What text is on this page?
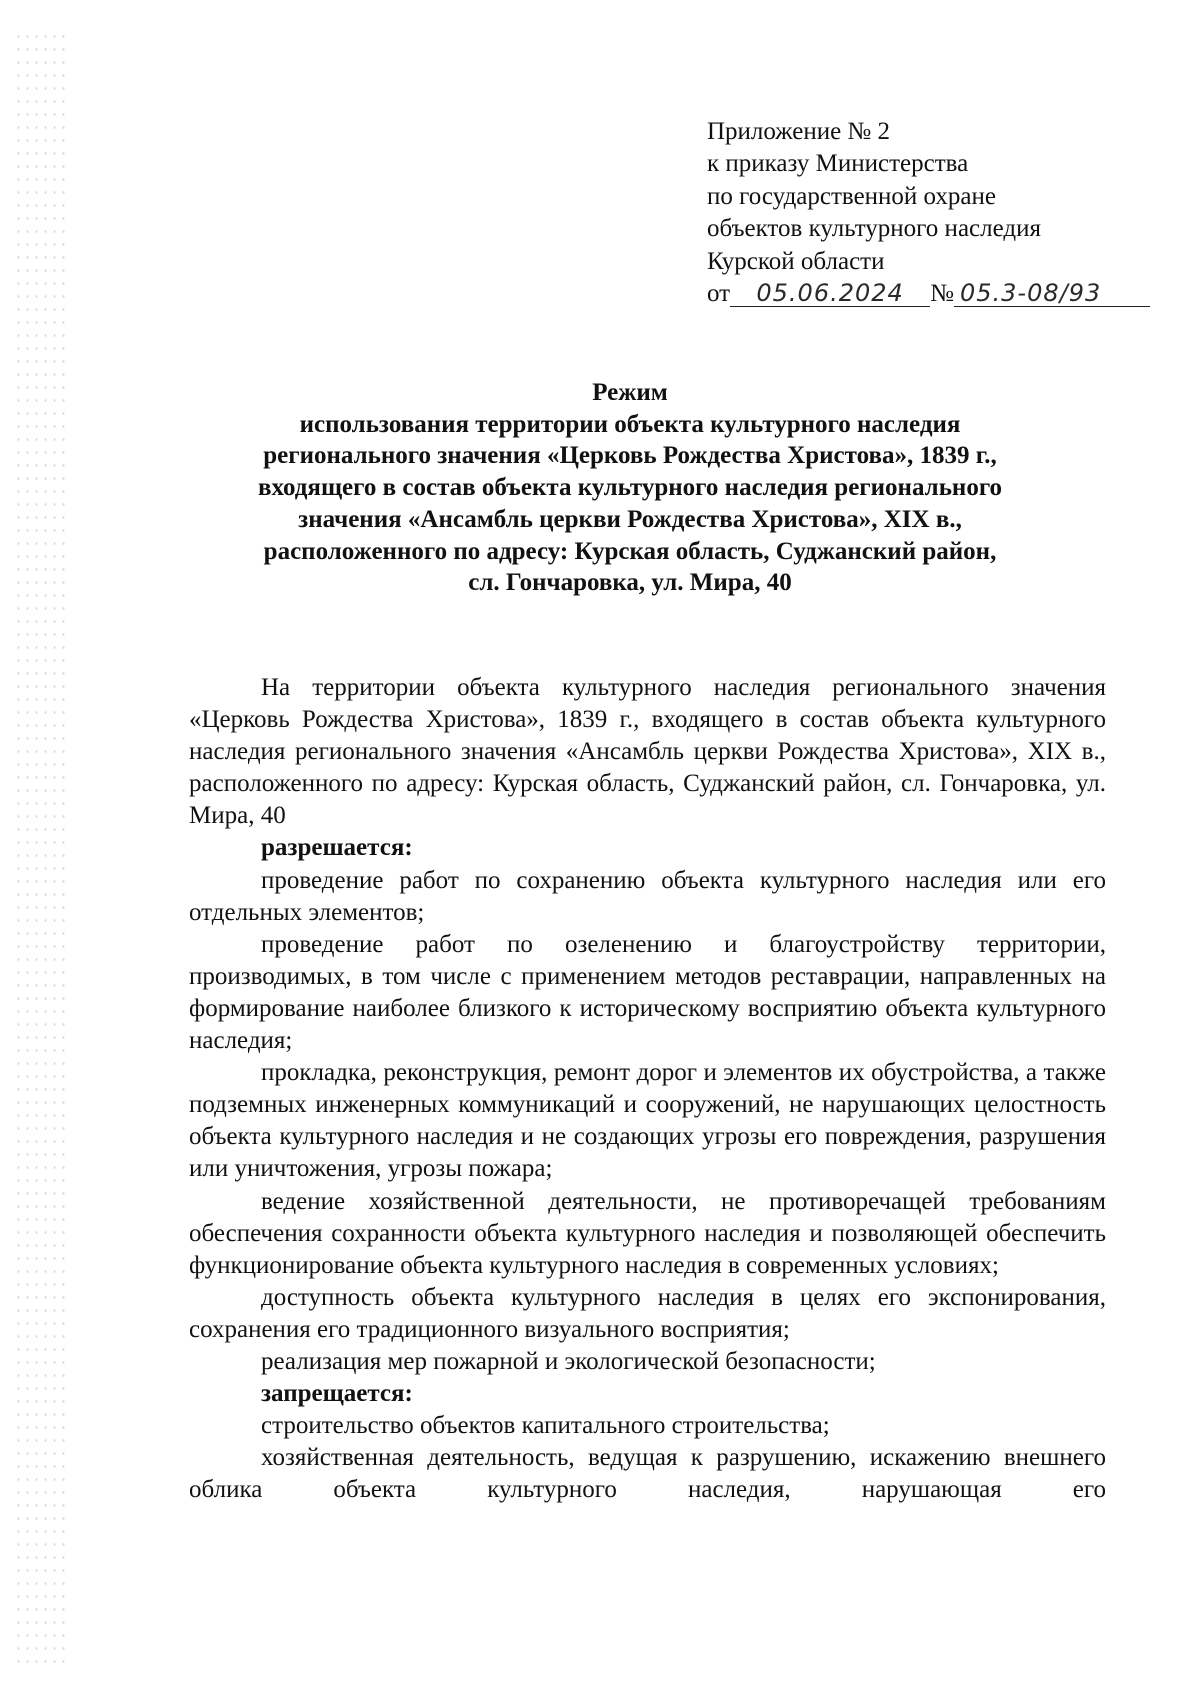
Приложение № 2
к приказу Министерства
по государственной охране
объектов культурного наследия
Курской области
от 05.06.2024 № 05.3-08/93
Режим
использования территории объекта культурного наследия
регионального значения «Церковь Рождества Христова», 1839 г.,
входящего в состав объекта культурного наследия регионального
значения «Ансамбль церкви Рождества Христова», XIX в.,
расположенного по адресу: Курская область, Суджанский район,
сл. Гончаровка, ул. Мира, 40

На территории объекта культурного наследия регионального значения «Церковь Рождества Христова», 1839 г., входящего в состав объекта культурного наследия регионального значения «Ансамбль церкви Рождества Христова», XIX в., расположенного по адресу: Курская область, Суджанский район, сл. Гончаровка, ул. Мира, 40

разрешается:

проведение работ по сохранению объекта культурного наследия или его отдельных элементов;

проведение работ по озеленению и благоустройству территории, производимых, в том числе с применением методов реставрации, направленных на формирование наиболее близкого к историческому восприятию объекта культурного наследия;

прокладка, реконструкция, ремонт дорог и элементов их обустройства, а также подземных инженерных коммуникаций и сооружений, не нарушающих целостность объекта культурного наследия и не создающих угрозы его повреждения, разрушения или уничтожения, угрозы пожара;

ведение хозяйственной деятельности, не противоречащей требованиям обеспечения сохранности объекта культурного наследия и позволяющей обеспечить функционирование объекта культурного наследия в современных условиях;

доступность объекта культурного наследия в целях его экспонирования, сохранения его традиционного визуального восприятия;

реализация мер пожарной и экологической безопасности;

запрещается:

строительство объектов капитального строительства;

хозяйственная деятельность, ведущая к разрушению, искажению внешнего облика объекта культурного наследия, нарушающая его
